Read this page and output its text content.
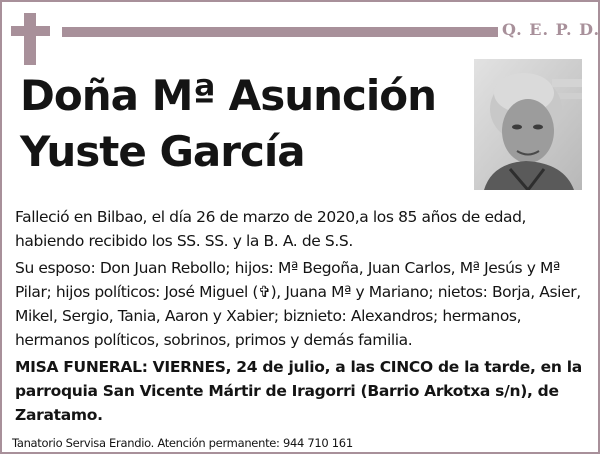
Q. E. P. D.
Doña Mª Asunción
Yuste García

Falleció en Bilbao, el día 26 de marzo de 2020,a los 85 años de edad, habiendo recibido los SS. SS. y la B. A. de S.S.

Su esposo: Don Juan Rebollo; hijos: Mª Begoña, Juan Carlos, Mª Jesús y Mª Pilar; hijos políticos: José Miguel (✞), Juana Mª y Mariano; nietos: Borja, Asier, Mikel, Sergio, Tania, Aaron y Xabier; biznieto: Alexandros; hermanos, hermanos políticos, sobrinos, primos y demás familia.

MISA FUNERAL: VIERNES, 24 de julio, a las CINCO de la tarde, en la parroquia San Vicente Mártir de Iragorri (Barrio Arkotxa s/n), de Zaratamo.

Tanatorio Servisa Erandio. Atención permanente: 944 710 161
